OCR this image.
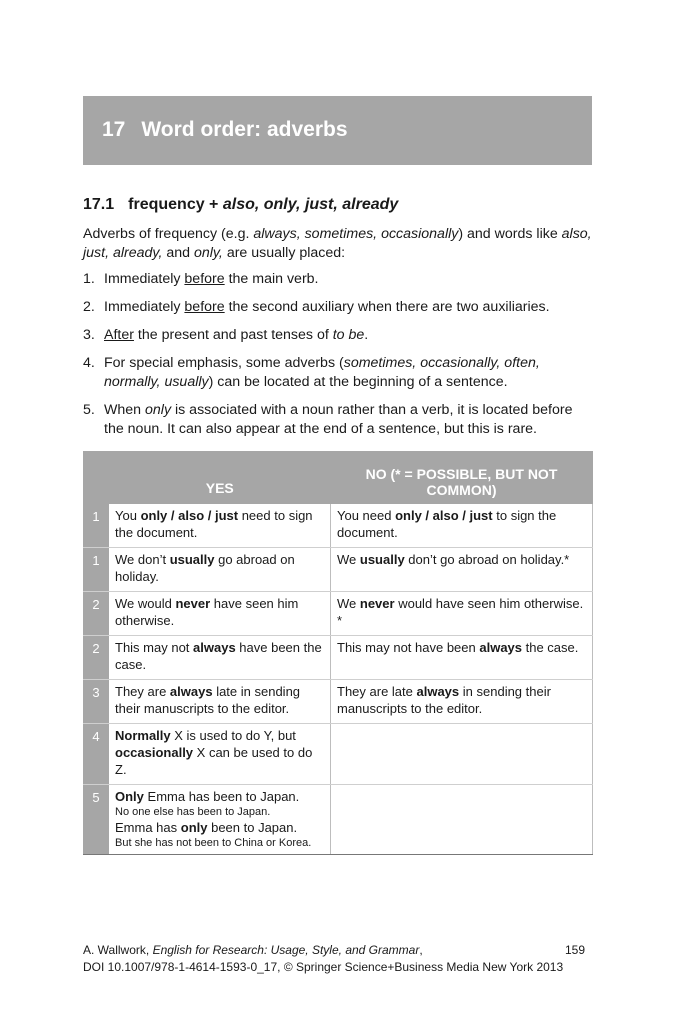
17 Word order: adverbs
17.1 frequency + also, only, just, already
Adverbs of frequency (e.g. always, sometimes, occasionally) and words like also, just, already, and only, are usually placed:
1. Immediately before the main verb.
2. Immediately before the second auxiliary when there are two auxiliaries.
3. After the present and past tenses of to be.
4. For special emphasis, some adverbs (sometimes, occasionally, often, normally, usually) can be located at the beginning of a sentence.
5. When only is associated with a noun rather than a verb, it is located before the noun. It can also appear at the end of a sentence, but this is rare.
	YES	NO (* = POSSIBLE, BUT NOT COMMON)
1	You only / also / just need to sign the document.	You need only / also / just to sign the document.
1	We don’t usually go abroad on holiday.	We usually don’t go abroad on holiday.*
2	We would never have seen him otherwise.	We never would have seen him otherwise. *
2	This may not always have been the case.	This may not have been always the case.
3	They are always late in sending their manuscripts to the editor.	They are late always in sending their manuscripts to the editor.
4	Normally X is used to do Y, but occasionally X can be used to do Z.	
5	Only Emma has been to Japan.
No one else has been to Japan.
Emma has only been to Japan.
But she has not been to China or Korea.	

A. Wallwork, English for Research: Usage, Style, and Grammar,
DOI 10.1007/978-1-4614-1593-0_17, © Springer Science+Business Media New York 2013
159
